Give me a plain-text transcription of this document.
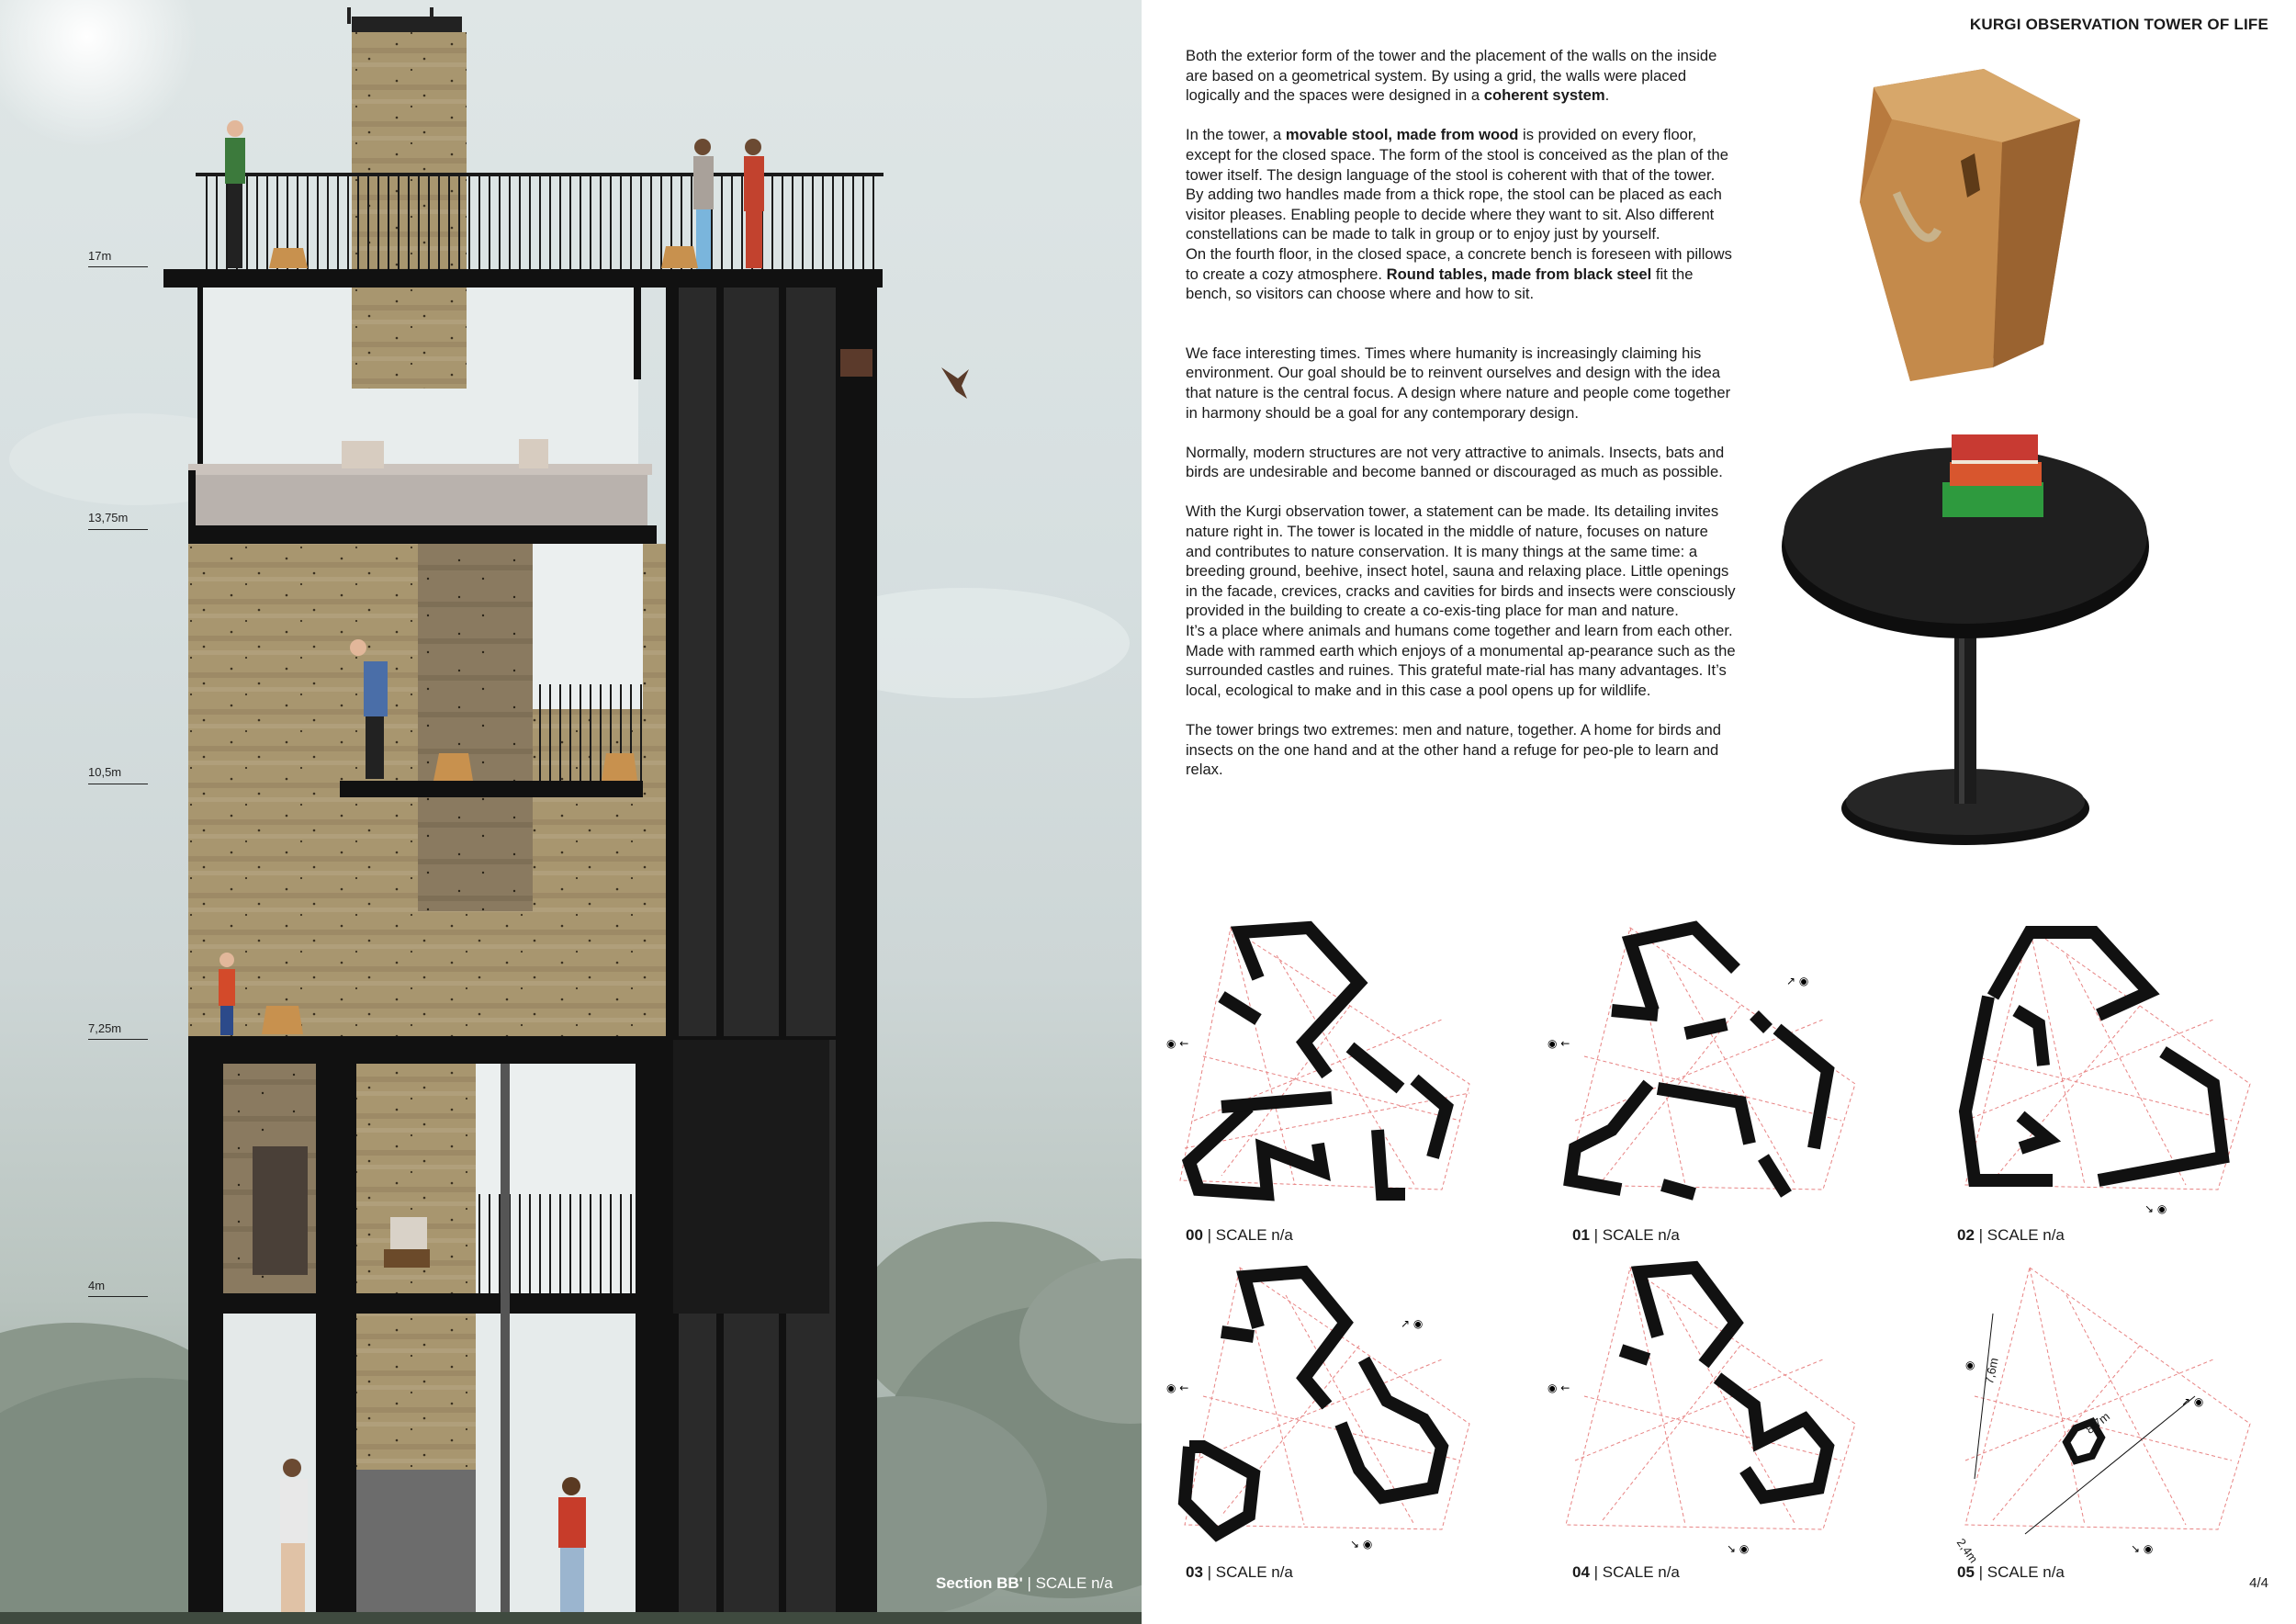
17m
13,75m
10,5m
7,25m
4m
Section BB' | SCALE n/a
KURGI OBSERVATION TOWER OF LIFE

Both the exterior form of the tower and the placement of the walls on the inside are based on a geometrical system. By using a grid, the walls were placed logically and the spaces were designed in a coherent system.

In the tower, a movable stool, made from wood is provided on every floor, except for the closed space. The form of the stool is conceived as the plan of the tower itself. The design language of the stool is coherent with that of the tower. By adding two handles made from a thick rope, the stool can be placed as each visitor pleases. Enabling people to decide where they want to sit. Also different constellations can be made to talk in group or to enjoy just by yourself.

On the fourth floor, in the closed space, a concrete bench is foreseen with pillows to create a cozy atmosphere. Round tables, made from black steel fit the bench, so visitors can choose where and how to sit.

We face interesting times. Times where humanity is increasingly claiming his environment. Our goal should be to reinvent ourselves and design with the idea that nature is the central focus. A design where nature and people come together in harmony should be a goal for any contemporary design.

Normally, modern structures are not very attractive to animals. Insects, bats and birds are undesirable and become banned or discouraged as much as possible.

With the Kurgi observation tower, a statement can be made. Its detailing invites nature right in. The tower is located in the middle of nature, focuses on nature and contributes to nature conservation. It is many things at the same time: a breeding ground, beehive, insect hotel, sauna and relaxing place. Little openings in the facade, crevices, cracks and cavities for birds and insects were consciously provided in the building to create a co-exis-ting place for man and nature.

It’s a place where animals and humans come together and learn from each other. Made with rammed earth which enjoys of a monumental ap-pearance such as the surrounded castles and ruines. This grateful mate-rial has many advantages. It’s local, ecological to make and in this case a pool opens up for wildlife.

The tower brings two extremes: men and nature, together. A home for birds and insects on the one hand and at the other hand a refuge for peo-ple to learn and relax.

◉ ←
00 | SCALE n/a
◉ ←
↗ ◉
01 | SCALE n/a
↘ ◉
02 | SCALE n/a
◉ ←
↗ ◉
↘ ◉
03 | SCALE n/a
◉ ←
↘ ◉
04 | SCALE n/a
↗ ◉
◉
↘ ◉
7,6m
8,7m
2,4m
05 | SCALE n/a
4/4
